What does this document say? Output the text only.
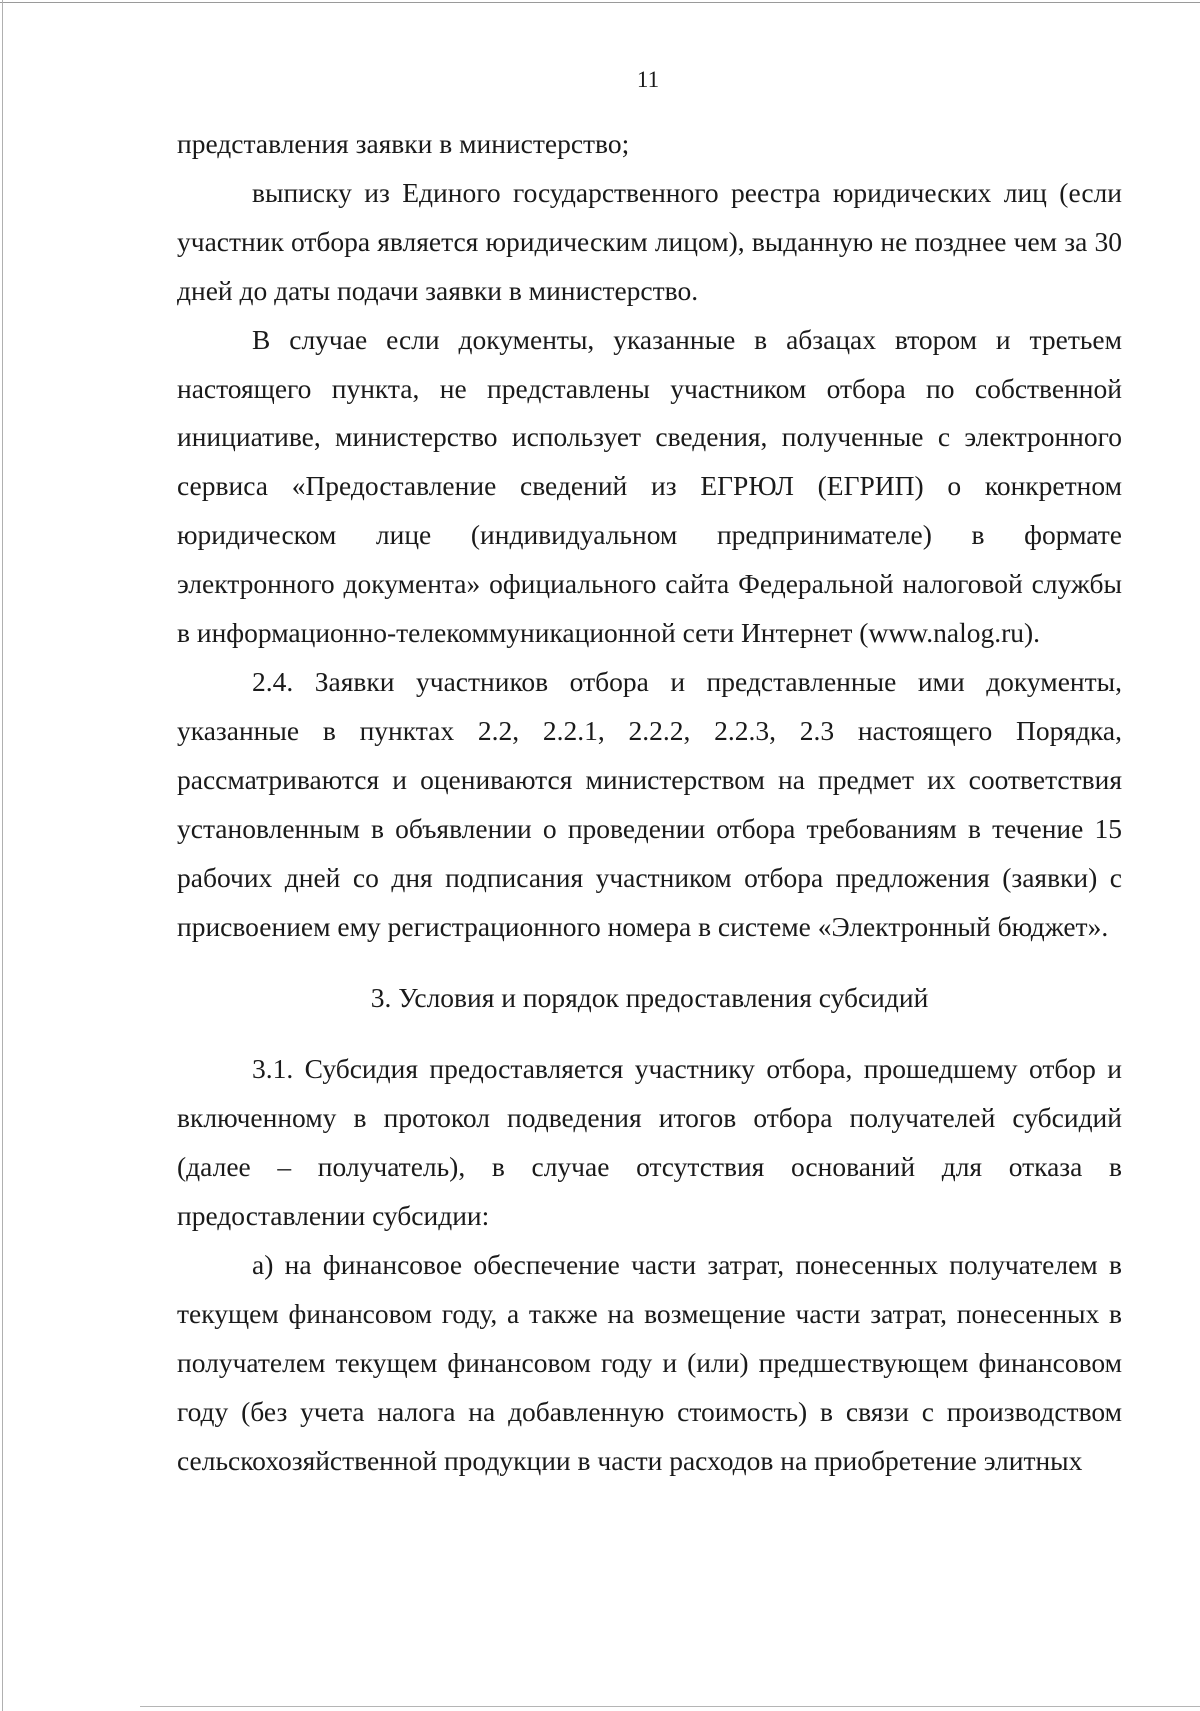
11

представления заявки в министерство;

выписку из Единого государственного реестра юридических лиц (если участник отбора является юридическим лицом), выданную не позднее чем за 30 дней до даты подачи заявки в министерство.

В случае если документы, указанные в абзацах втором и третьем настоящего пункта, не представлены участником отбора по собственной инициативе, министерство использует сведения, полученные с электронного сервиса «Предоставление сведений из ЕГРЮЛ (ЕГРИП) о конкретном юридическом лице (индивидуальном предпринимателе) в формате электронного документа» официального сайта Федеральной налоговой службы в информационно-телекоммуникационной сети Интернет (www.nalog.ru).

2.4. Заявки участников отбора и представленные ими документы, указанные в пунктах 2.2, 2.2.1, 2.2.2, 2.2.3, 2.3 настоящего Порядка, рассматриваются и оцениваются министерством на предмет их соответствия установленным в объявлении о проведении отбора требованиям в течение 15 рабочих дней со дня подписания участником отбора предложения (заявки) с присвоением ему регистрационного номера в системе «Электронный бюджет».

3. Условия и порядок предоставления субсидий

3.1. Субсидия предоставляется участнику отбора, прошедшему отбор и включенному в протокол подведения итогов отбора получателей субсидий (далее – получатель), в случае отсутствия оснований для отказа в предоставлении субсидии:

а) на финансовое обеспечение части затрат, понесенных получателем в текущем финансовом году, а также на возмещение части затрат, понесенных в получателем текущем финансовом году и (или) предшествующем финансовом году (без учета налога на добавленную стоимость) в связи с производством сельскохозяйственной продукции в части расходов на приобретение элитных
